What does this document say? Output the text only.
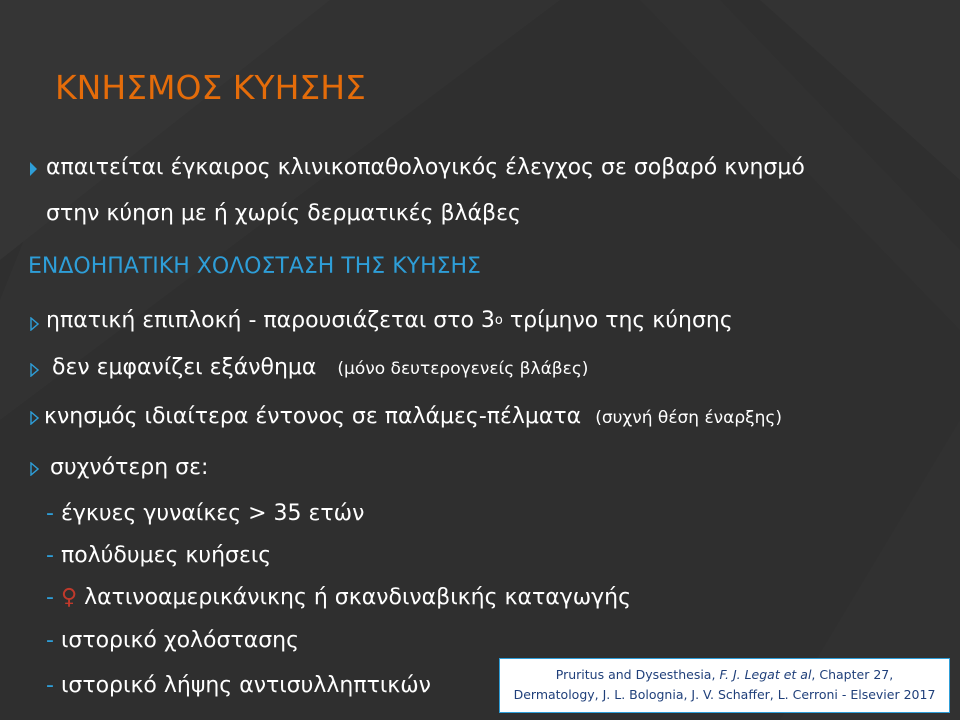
ΚΝΗΣΜΟΣ ΚΥΗΣΗΣ
απαιτείται έγκαιρος κλινικοπαθολογικός έλεγχος σε σοβαρό κνησμό
στην κύηση με ή χωρίς δερματικές βλάβες
ΕΝΔΟΗΠΑΤΙΚΗ ΧΟΛΟΣΤΑΣΗ ΤΗΣ ΚΥΗΣΗΣ
ηπατική επιπλοκή - παρουσιάζεται στο $3^o$ τρίμηνο της κύησης
δεν εμφανίζει εξάνθημα (μόνο δευτερογενείς βλάβες)
κνησμός ιδιαίτερα έντονος σε παλάμες-πέλματα (συχνή θέση έναρξης)
συχνότερη σε:
- έγκυες γυναίκες > 35 ετών
- πολύδυμες κυήσεις
- ♀ λατινοαμερικάνικης ή σκανδιναβικής καταγωγής
- ιστορικό χολόστασης
- ιστορικό λήψης αντισυλληπτικών	Pruritus and Dysesthesia, F. J. Legat et al, Chapter 27,
Dermatology, J. L. Bolognia, J. V. Schaffer, L. Cerroni - Elsevier 2017
